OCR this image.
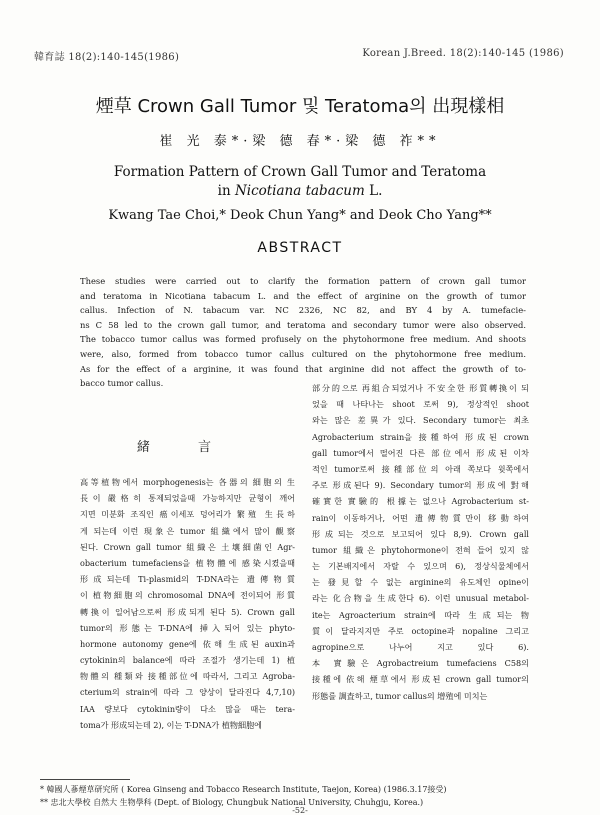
韓育誌 18(2):140-145(1986)	Korean J.Breed. 18(2):140-145 (1986)
煙草 Crown Gall Tumor 및 Teratoma의 出現樣相
崔 光 泰*·梁 德 春*·梁 德 祚**
Formation Pattern of Crown Gall Tumor and Teratoma
in Nicotiana tabacum L.
Kwang Tae Choi,* Deok Chun Yang* and Deok Cho Yang**
ABSTRACT
These studies were carried out to clarify the formation pattern of crown gall tumor
and teratoma in Nicotiana tabacum L. and the effect of arginine on the growth of tumor
callus. Infection of N. tabacum var. NC 2326, NC 82, and BY 4 by A. tumefacie-
ns C 58 led to the crown gall tumor, and teratoma and secondary tumor were also observed.
The tobacco tumor callus was formed profusely on the phytohormone free medium. And shoots
were, also, formed from tobacco tumor callus cultured on the phytohormone free medium.
As for the effect of a arginine, it was found that arginine did not affect the growth of to-
bacco tumor callus.
緒 言
高等植物에서 morphogenesis는 各器의 細胞의 生
長이 嚴格히 통제되었을때 가능하지만 균형이 깨어
지면 미분화 조직인 癌이세포 덩어리가 繁殖 生長하
게 되는데 이런 現象은 tumor 組織에서 많이 觀察
된다. Crown gall tumor 組織은 土壤細菌인 Agr-
obacterium tumefaciens을 植物體에 感染시켰을때
形成되는데 Ti-plasmid의 T-DNA라는 遺傳物質
이 植物細胞의 chromosomal DNA에 전이되어 形質
轉換이 일어남으로써 形成되게 된다 5). Crown gall
tumor의 形態는 T-DNA에 挿入되어 있는 phyto-
hormone autonomy gene에 依해 生成된 auxin과
cytokinin의 balance에 따라 조절가 생기는데 1) 植
物體의 種類와 接種部位에 따라서, 그리고 Agroba-
cterium의 strain에 따라 그 양상이 달라진다 4,7,10)
IAA 량보다 cytokinin량이 다소 많을 때는 tera-
toma가 形成되는데 2), 이는 T-DNA가 植物細胞에
部分的으로 再組合되었거나 不安全한 形質轉換이 되
었을 때 나타나는 shoot 로써 9), 정상적인 shoot
와는 많은 差異가 있다. Secondary tumor는 최초
Agrobacterium strain을 接種하여 形成된 crown
gall tumor에서 떨어진 다른 部位에서 形成된 이차
적인 tumor로써 接種部位의 아래 쪽보다 윗쪽에서
주로 形成된다 9). Secondary tumor의 形成에 對해
確實한 實驗的 根據는 없으나 Agrobacterium st-
rain이 이동하거나, 어떤 遺傳物質만이 移動하여
形成되는 것으로 보고되어 있다 8,9). Crown gall
tumor 組織은 phytohormone이 전혀 들어 있지 않
는 기본배지에서 자랄 수 있으며 6), 정상식물체에서
는 發見할 수 없는 arginine의 유도체인 opine이
라는 化合物을 生成한다 6). 이런 unusual metabol-
ite는 Agroacterium strain에 따라 生成되는 物
質이 달라지지만 주로 octopine과 nopaline 그리고
agropine으로 나누어 지고 있다 6).
本 實驗은 Agrobactreium tumefaciens C58의
接種에 依해 煙草에서 形成된 crown gall tumor의
形態를 調査하고, tumor callus의 增殖에 미치는
* 韓國人蔘煙草研究所 ( Korea Ginseng and Tobacco Research Institute, Taejon, Korea) (1986.3.17接受)
** 忠北大學校 自然大 生物學科 (Dept. of Biology, Chungbuk National University, Chuhgju, Korea.)
-52-
